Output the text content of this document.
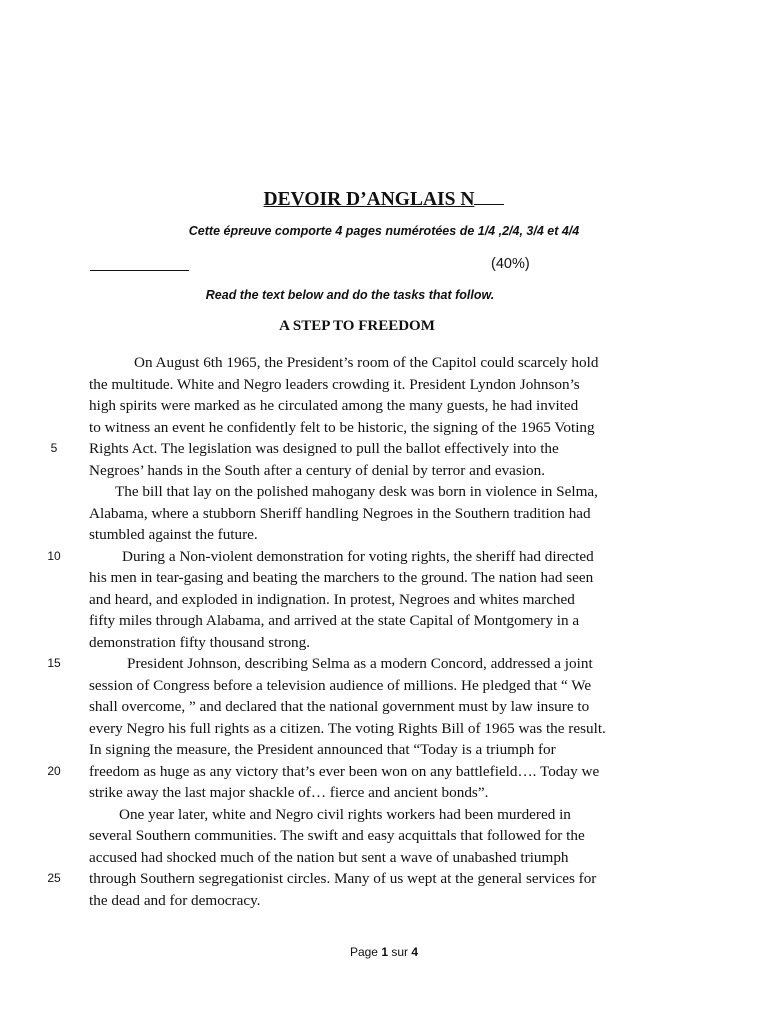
DEVOIR D’ANGLAIS N
Cette épreuve comporte 4 pages numérotées de 1/4 ,2/4, 3/4 et 4/4
(40%)
Read the text below and do the tasks that follow.
A STEP TO FREEDOM
On August 6th 1965, the President’s room of the Capitol could scarcely hold
the multitude. White and Negro leaders crowding it. President Lyndon Johnson’s
high spirits were marked as he circulated among the many guests, he had invited
to witness an event he confidently felt to be historic, the signing of the 1965 Voting
Rights Act. The legislation was designed to pull the ballot effectively into the
Negroes’ hands in the South after a century of denial by terror and evasion.
The bill that lay on the polished mahogany desk was born in violence in Selma,
Alabama, where a stubborn Sheriff handling Negroes in the Southern tradition had
stumbled against the future.
During a Non-violent demonstration for voting rights, the sheriff had directed
his men in tear-gasing and beating the marchers to the ground. The nation had seen
and heard, and exploded in indignation. In protest, Negroes and whites marched
fifty miles through Alabama, and arrived at the state Capital of Montgomery in a
demonstration fifty thousand strong.
President Johnson, describing Selma as a modern Concord, addressed a joint
session of Congress before a television audience of millions. He pledged that “ We
shall overcome, ” and declared that the national government must by law insure to
every Negro his full rights as a citizen. The voting Rights Bill of 1965 was the result.
In signing the measure, the President announced that “Today is a triumph for
freedom as huge as any victory that’s ever been won on any battlefield…. Today we
strike away the last major shackle of… fierce and ancient bonds”.
One year later, white and Negro civil rights workers had been murdered in
several Southern communities. The swift and easy acquittals that followed for the
accused had shocked much of the nation but sent a wave of unabashed triumph
through Southern segregationist circles. Many of us wept at the general services for
the dead and for democracy.
5
10
15
20
25
Page 1 sur 4
